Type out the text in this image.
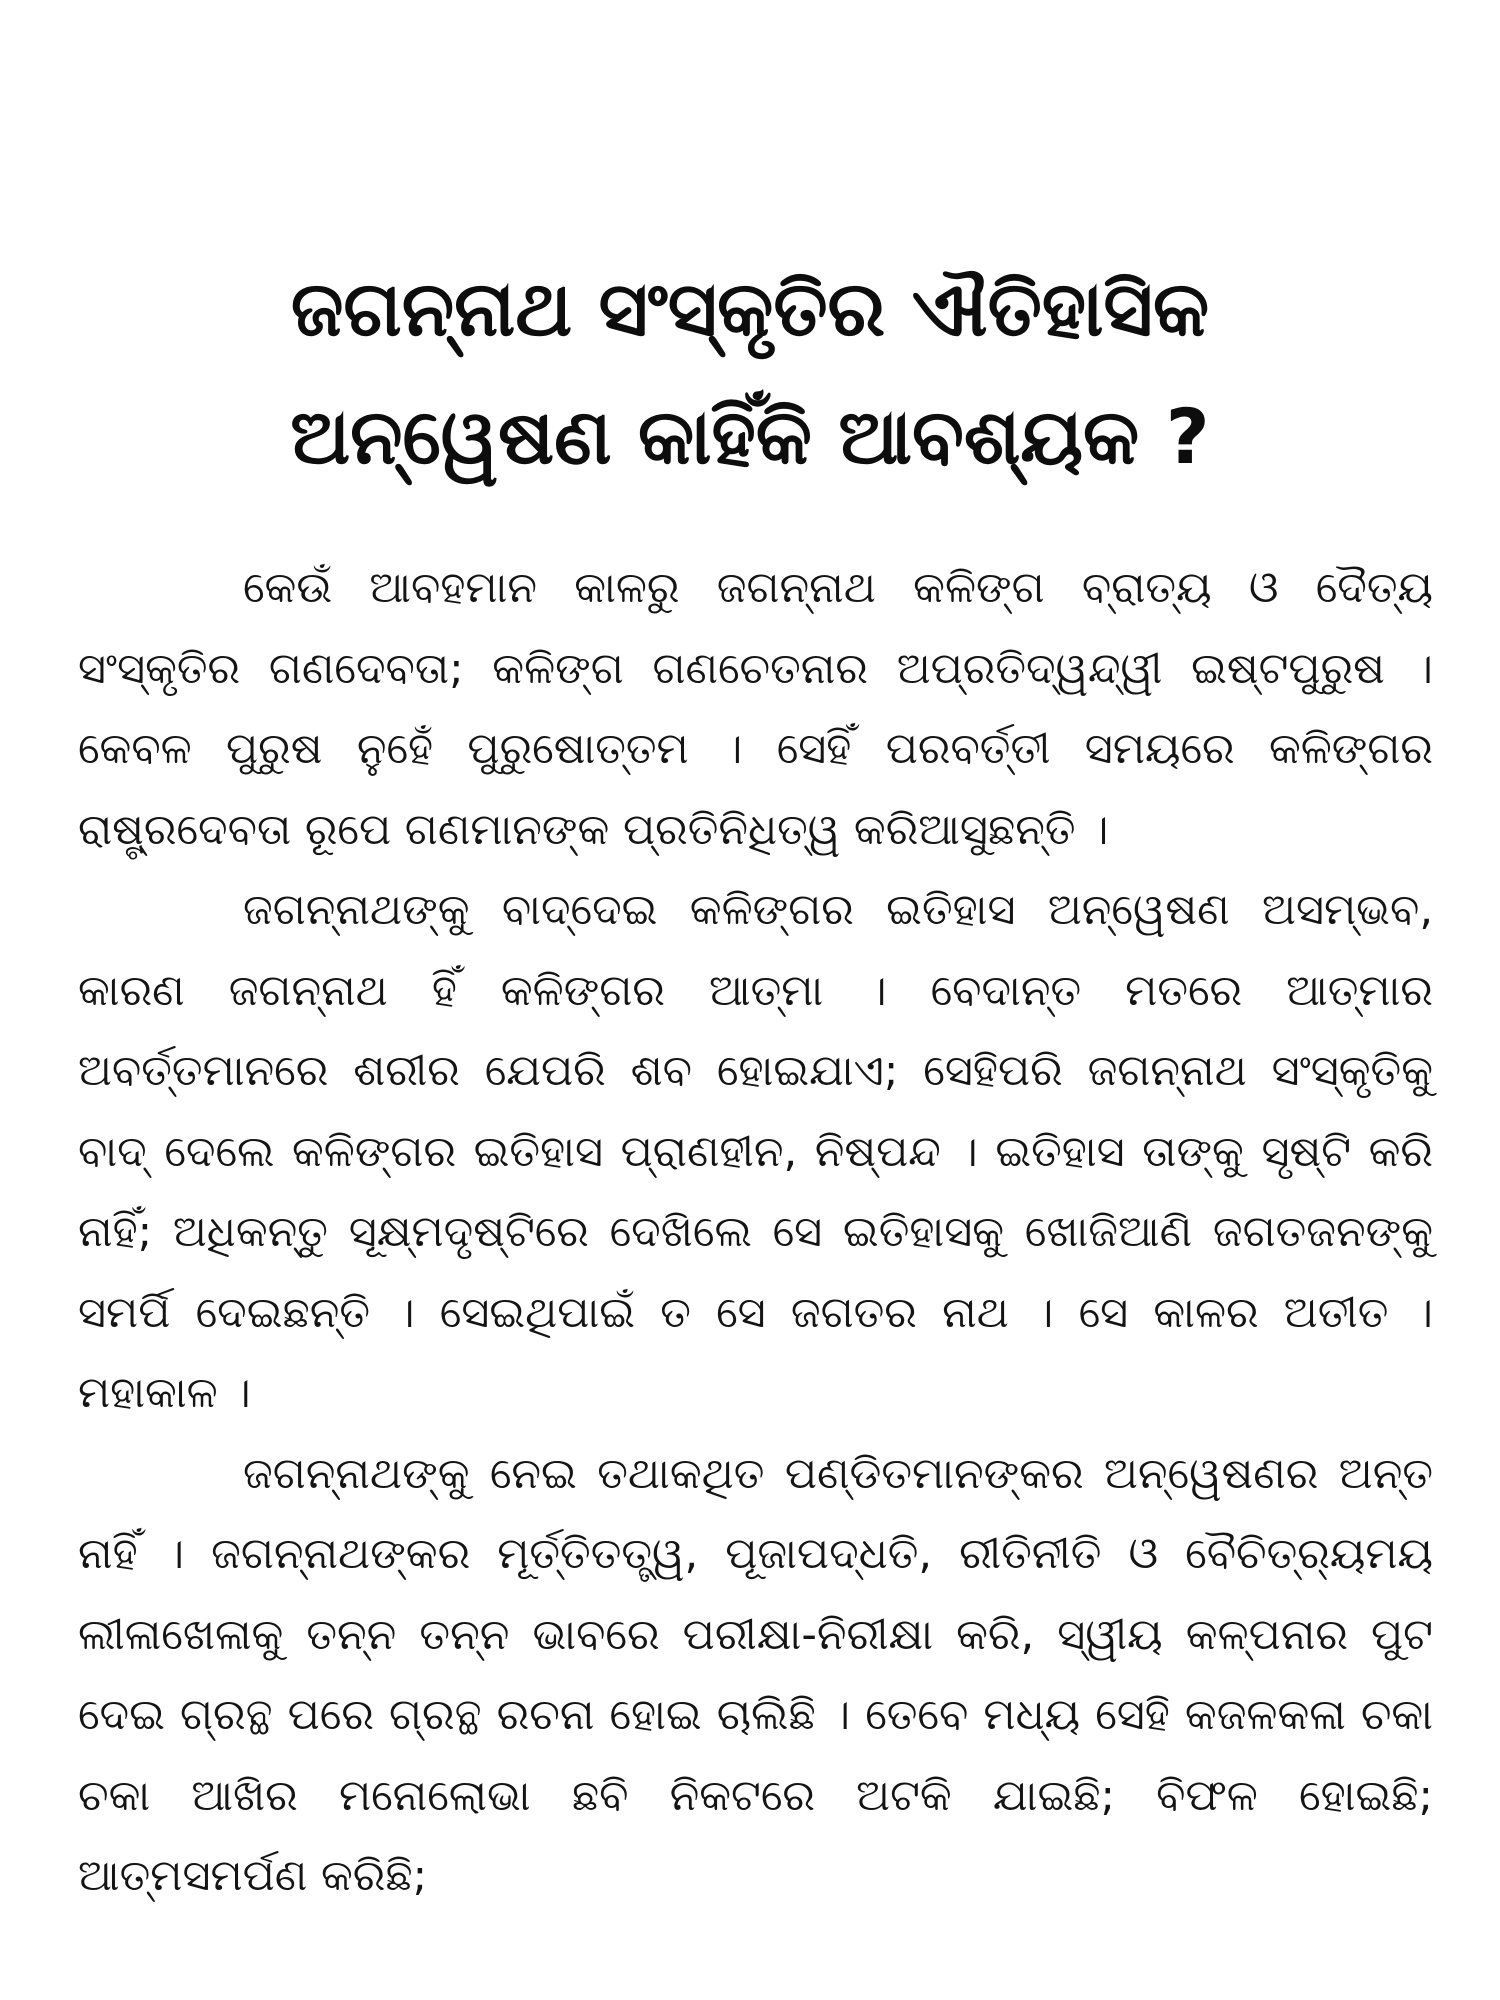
ଜଗନ୍ନାଥ ସଂସ୍କୃତିର ଐତିହାସିକ
ଅନ୍ୱେଷଣ କାହିଁକି ଆବଶ୍ୟକ ?

କେଉଁ ଆବହମାନ କାଳରୁ ଜଗନ୍ନାଥ କଳିଙ୍ଗ ବ୍ରାତ୍ୟ ଓ ଦୈତ୍ୟ ସଂସ୍କୃତିର ଗଣଦେବତା; କଳିଙ୍ଗ ଗଣଚେତନାର ଅପ୍ରତିଦ୍ୱନ୍ଦ୍ୱୀ ଇଷ୍ଟପୁରୁଷ । କେବଳ ପୁରୁଷ ନୁହେଁ ପୁରୁଷୋତ୍ତମ । ସେହିଁ ପରବର୍ତ୍ତୀ ସମୟରେ କଳିଙ୍ଗର ରାଷ୍ଟ୍ରଦେବତା ରୂପେ ଗଣମାନଙ୍କ ପ୍ରତିନିଧିତ୍ୱ କରିଆସୁଛନ୍ତି ।

ଜଗନ୍ନାଥଙ୍କୁ ବାଦ୍‌ଦେଇ କଳିଙ୍ଗର ଇତିହାସ ଅନ୍ୱେଷଣ ଅସମ୍ଭବ, କାରଣ ଜଗନ୍ନାଥ ହିଁ କଳିଙ୍ଗର ଆତ୍ମା । ବେଦାନ୍ତ ମତରେ ଆତ୍ମାର ଅବର୍ତ୍ତମାନରେ ଶରୀର ଯେପରି ଶବ ହୋଇଯାଏ; ସେହିପରି ଜଗନ୍ନାଥ ସଂସ୍କୃତିକୁ ବାଦ୍ ଦେଲେ କଳିଙ୍ଗର ଇତିହାସ ପ୍ରାଣହୀନ, ନିଷ୍ପନ୍ଦ । ଇତିହାସ ତାଙ୍କୁ ସୃଷ୍ଟି କରି ନାହିଁ; ଅଧିକନ୍ତୁ ସୂକ୍ଷ୍ମଦୃଷ୍ଟିରେ ଦେଖିଲେ ସେ ଇତିହାସକୁ ଖୋଜିଆଣି ଜଗତଜନଙ୍କୁ ସମର୍ପି ଦେଇଛନ୍ତି । ସେଇଥିପାଇଁ ତ ସେ ଜଗତର ନାଥ । ସେ କାଳର ଅତୀତ । ମହାକାଳ ।

ଜଗନ୍ନାଥଙ୍କୁ ନେଇ ତଥାକଥିତ ପଣ୍ଡିତମାନଙ୍କର ଅନ୍ୱେଷଣର ଅନ୍ତ ନାହିଁ । ଜଗନ୍ନାଥଙ୍କର ମୂର୍ତ୍ତିତତ୍ତ୍ୱ, ପୂଜାପଦ୍ଧତି, ରୀତିନୀତି ଓ ବୈଚିତ୍ର୍ୟମୟ ଲୀଳାଖେଳାକୁ ତନ୍ନ ତନ୍ନ ଭାବରେ ପରୀକ୍ଷା-ନିରୀକ୍ଷା କରି, ସ୍ୱୀୟ କଳ୍ପନାର ପୁଟ ଦେଇ ଗ୍ରନ୍ଥ ପରେ ଗ୍ରନ୍ଥ ରଚନା ହୋଇ ଚାଲିଛି । ତେବେ ମଧ୍ୟ ସେହି କଜଳକଳା ଚକା ଚକା ଆଖିର ମନୋଲୋଭା ଛବି ନିକଟରେ ଅଟକି ଯାଇଛି; ବିଫଳ ହୋଇଛି; ଆତ୍ମସମର୍ପଣ କରିଛି;
